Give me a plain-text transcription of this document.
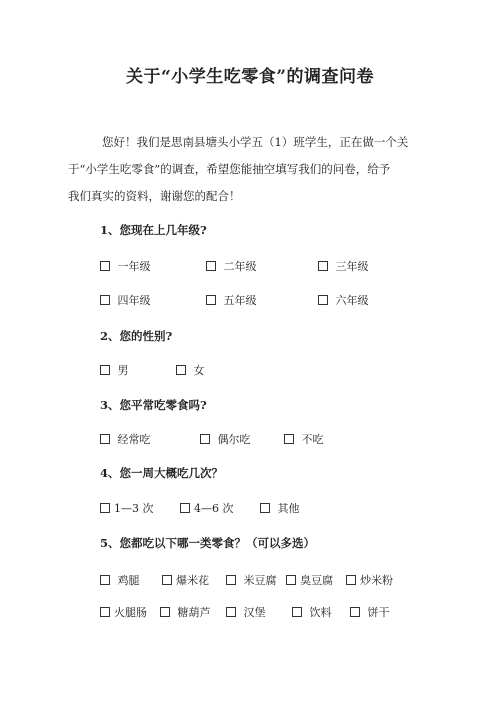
关于“小学生吃零食”的调查问卷
您好！我们是思南县塘头小学五（1）班学生，正在做一个关
于“小学生吃零食”的调查，希望您能抽空填写我们的问卷，给予
我们真实的资料，谢谢您的配合！
1、您现在上几年级?
一年级	二年级	三年级
四年级	五年级	六年级
2、您的性别?
男	女
3、您平常吃零食吗?
经常吃	偶尔吃	不吃
4、您一周大概吃几次？
1—3 次	4—6 次	其他
5、您都吃以下哪一类零食？（可以多选）
鸡腿	爆米花	米豆腐	臭豆腐	炒米粉
火腿肠	糖葫芦	汉堡	饮料	饼干
